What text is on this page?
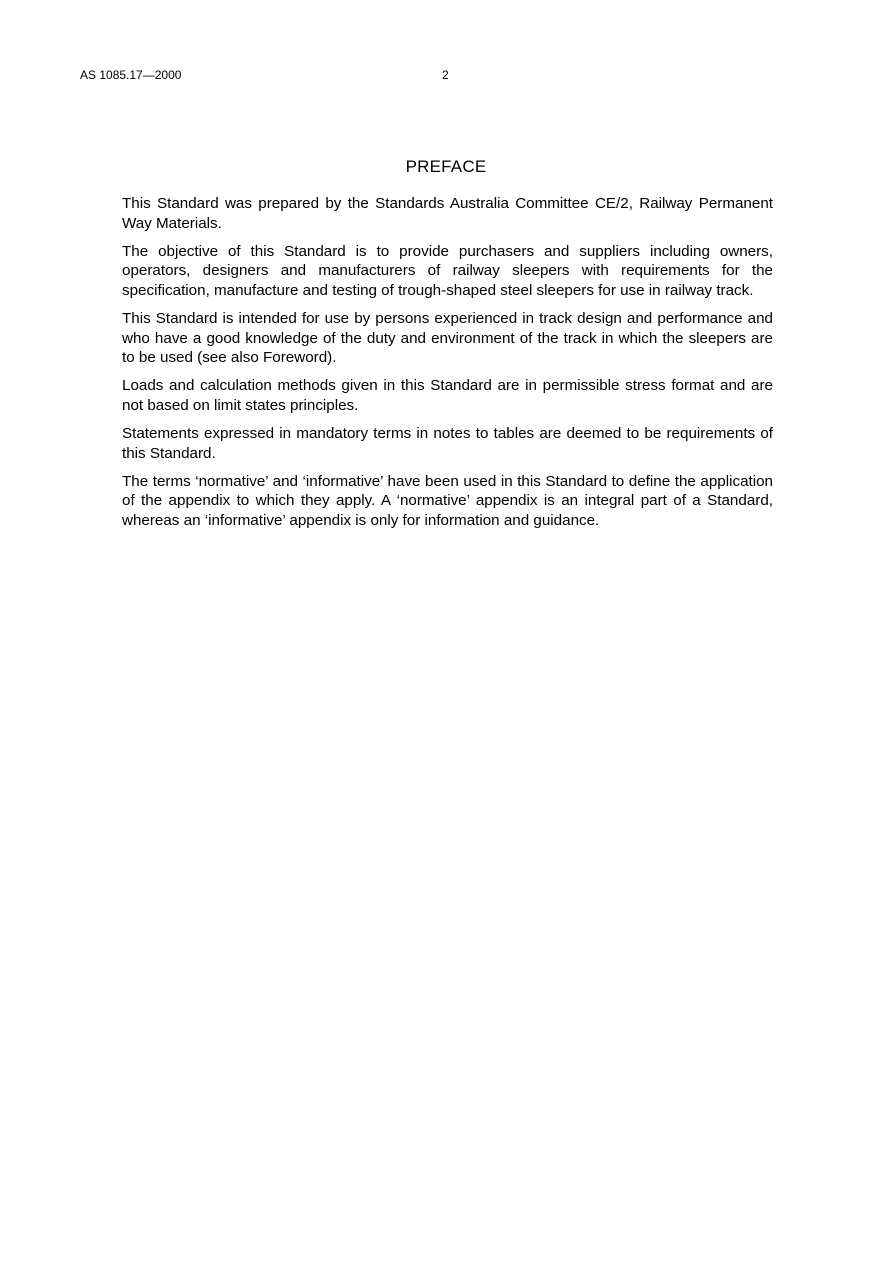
AS 1085.17—2000	2
PREFACE

This Standard was prepared by the Standards Australia Committee CE/2, Railway Permanent Way Materials.

The objective of this Standard is to provide purchasers and suppliers including owners, operators, designers and manufacturers of railway sleepers with requirements for the specification, manufacture and testing of trough-shaped steel sleepers for use in railway track.

This Standard is intended for use by persons experienced in track design and performance and who have a good knowledge of the duty and environment of the track in which the sleepers are to be used (see also Foreword).

Loads and calculation methods given in this Standard are in permissible stress format and are not based on limit states principles.

Statements expressed in mandatory terms in notes to tables are deemed to be requirements of this Standard.

The terms ‘normative’ and ‘informative’ have been used in this Standard to define the application of the appendix to which they apply. A ‘normative’ appendix is an integral part of a Standard, whereas an ‘informative’ appendix is only for information and guidance.
